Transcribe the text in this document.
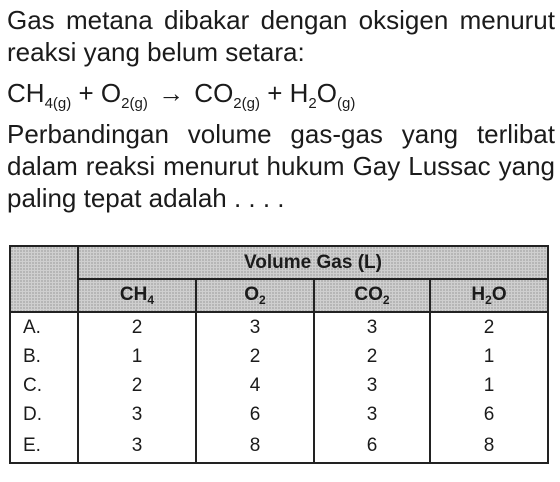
Gas metana dibakar dengan oksigen menurut reaksi yang belum setara:

$CH_{4(g)} + O_{2(g)} \to CO_{2(g)} + H_2O_{(g)}$

Perbandingan volume gas-gas yang terlibat dalam reaksi menurut hukum Gay Lussac yang paling tepat adalah . . . .

	Volume Gas (L)			
	$CH_4$	$O_2$	$CO_2$	$H_2O$
A.	2	3	3	2
B.	1	2	2	1
C.	2	4	3	1
D.	3	6	3	6
E.	3	8	6	8
